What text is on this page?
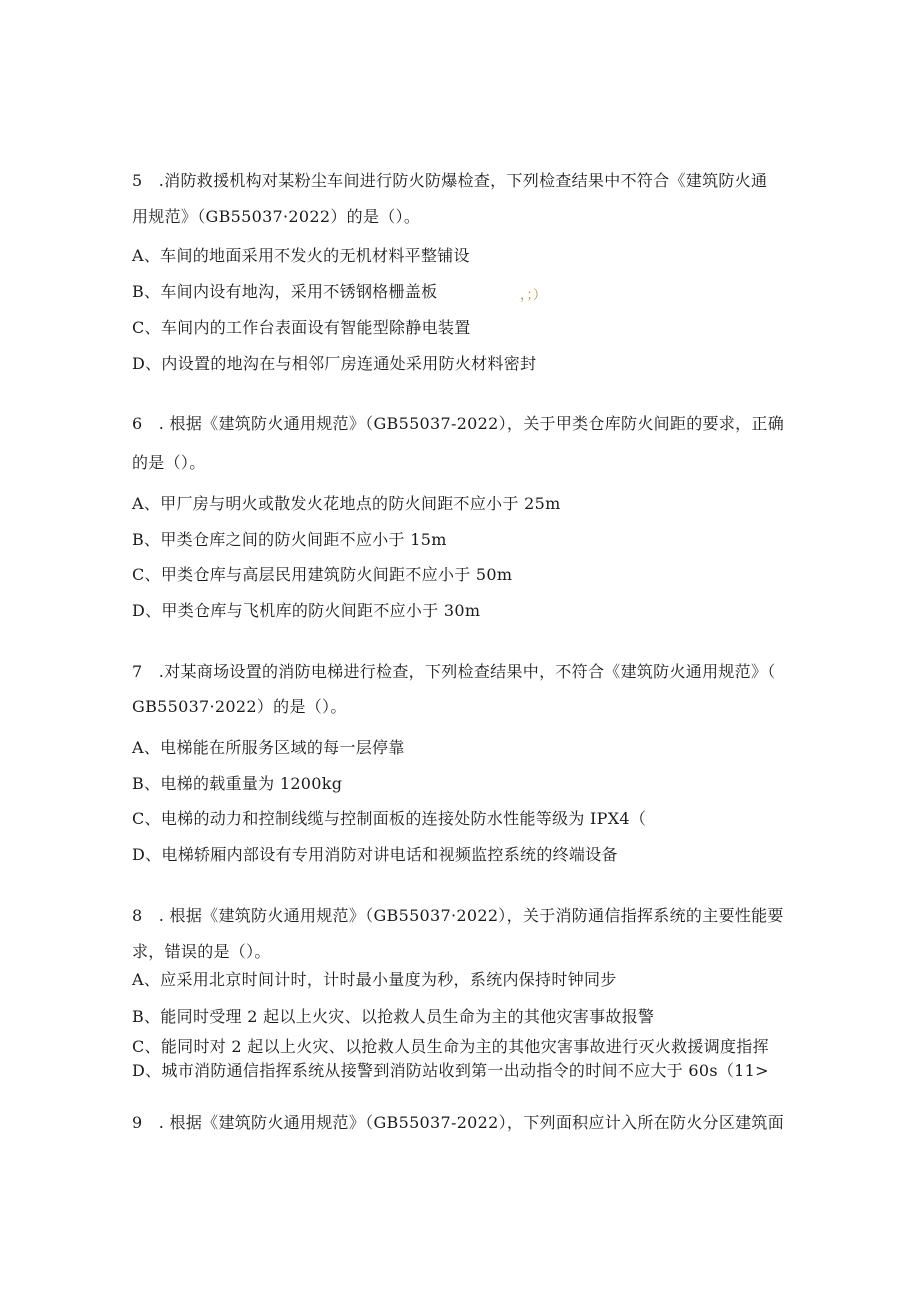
5　.消防救援机构对某粉尘车间进行防火防爆检查，下列检查结果中不符合《建筑防火通
用规范》（GB55037·2022）的是（）。
A、车间的地面采用不发火的无机材料平整铺设
B、车间内设有地沟，采用不锈钢格栅盖板	，；）
C、车间内的工作台表面设有智能型除静电装置
D、内设置的地沟在与相邻厂房连通处采用防火材料密封
6　. 根据《建筑防火通用规范》（GB55037-2022），关于甲类仓库防火间距的要求，正确
的是（）。
A、甲厂房与明火或散发火花地点的防火间距不应小于 25m
B、甲类仓库之间的防火间距不应小于 15m
C、甲类仓库与高层民用建筑防火间距不应小于 50m
D、甲类仓库与飞机库的防火间距不应小于 30m
7　.对某商场设置的消防电梯进行检查，下列检查结果中，不符合《建筑防火通用规范》（
GB55037·2022）的是（）。
A、电梯能在所服务区域的每一层停靠
B、电梯的载重量为 1200kg
C、电梯的动力和控制线缆与控制面板的连接处防水性能等级为 IPX4（
D、电梯轿厢内部设有专用消防对讲电话和视频监控系统的终端设备
8　. 根据《建筑防火通用规范》（GB55037·2022），关于消防通信指挥系统的主要性能要
求，错误的是（）。
A、应采用北京时间计时，计时最小量度为秒，系统内保持时钟同步
B、能同时受理 2 起以上火灾、以抢救人员生命为主的其他灾害事故报警
C、能同时对 2 起以上火灾、以抢救人员生命为主的其他灾害事故进行灭火救援调度指挥
D、城市消防通信指挥系统从接警到消防站收到第一出动指令的时间不应大于 60s（11>
9　. 根据《建筑防火通用规范》（GB55037-2022），下列面积应计入所在防火分区建筑面
